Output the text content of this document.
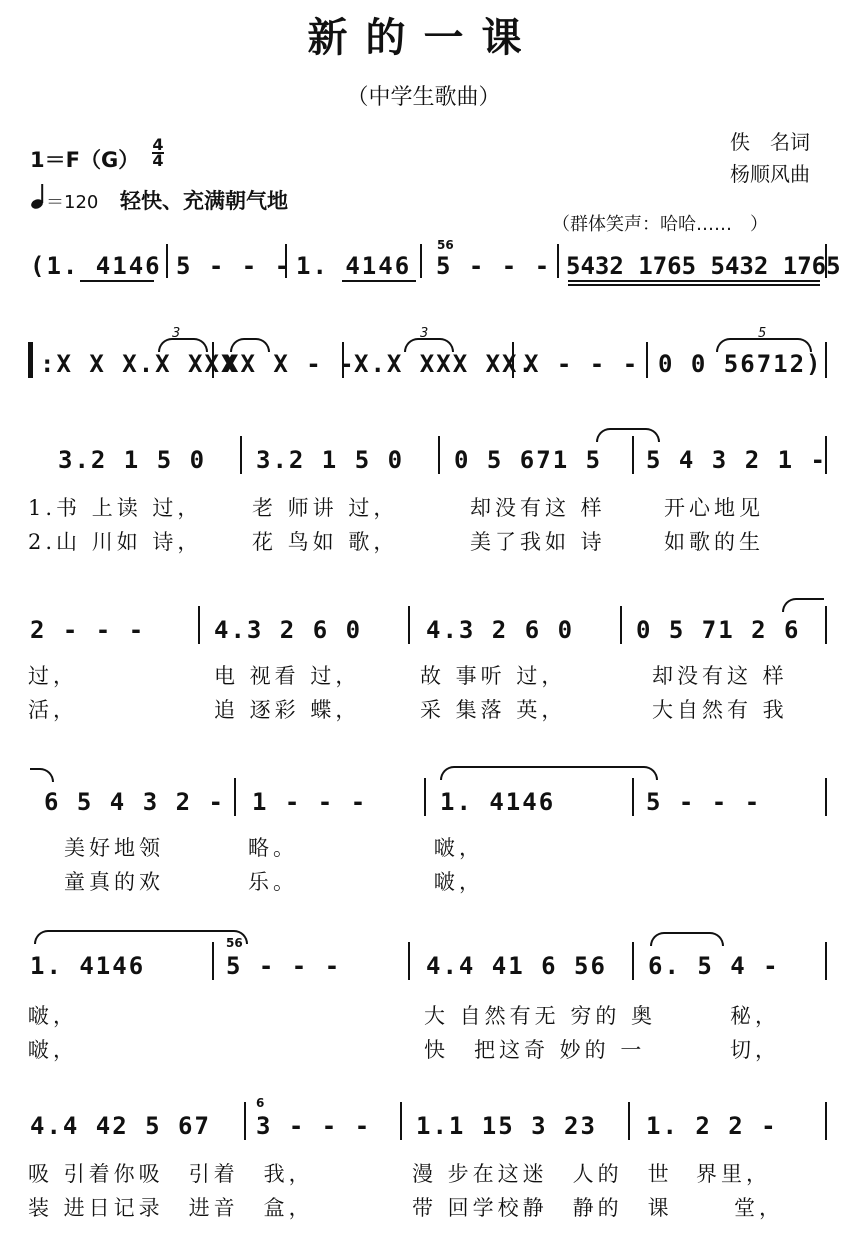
新的一课
（中学生歌曲）
佚　名词
杨顺风曲
1＝F（G）
4
4
＝120 轻快、充满朝气地
（群体笑声：哈哈……　）
(1. 4146 5 - - - 1. 4146
56
5 - - - 5432 1765 5432 1765
:X X X.X XXX
3
XX X - -
X.X XXX XX.
3
X - - - 0 0 56712)
5
3.2 1 5 0 3.2 1 5 0 0 5 671 5 5 4 3 2 1 -
1.书 上读 过， 老 师讲 过，	却没有这 样	开心地见
2.山 川如 诗， 花 鸟如 歌，	美了我如 诗	如歌的生
2 - - -	4.3 2 6 0	4.3 2 6 0	0 5 71 2 6
过，	电 视看 过，	故 事听 过，	却没有这 样
活，	追 逐彩 蝶，	采 集落 英，	大自然有 我
6 5 4 3 2 - 1 - - -	1. 4146	5 - - -
美好地领	略。	啵，
童真的欢	乐。	啵，
1. 4146
56
5 - - -	4.4 41 6 56 6. 5 4 -
啵，	大 自然有无 穷的 奥	秘，
啵，	快　把这奇 妙的 一	切，
4.4 42 5 67
6
3 - - - 1.1 15 3 23 1. 2 2 -
吸 引着你吸　引着　我，	漫 步在这迷　人的　世 界里，
装 进日记录　进音　盒，	带 回学校静　静的　课	堂，
